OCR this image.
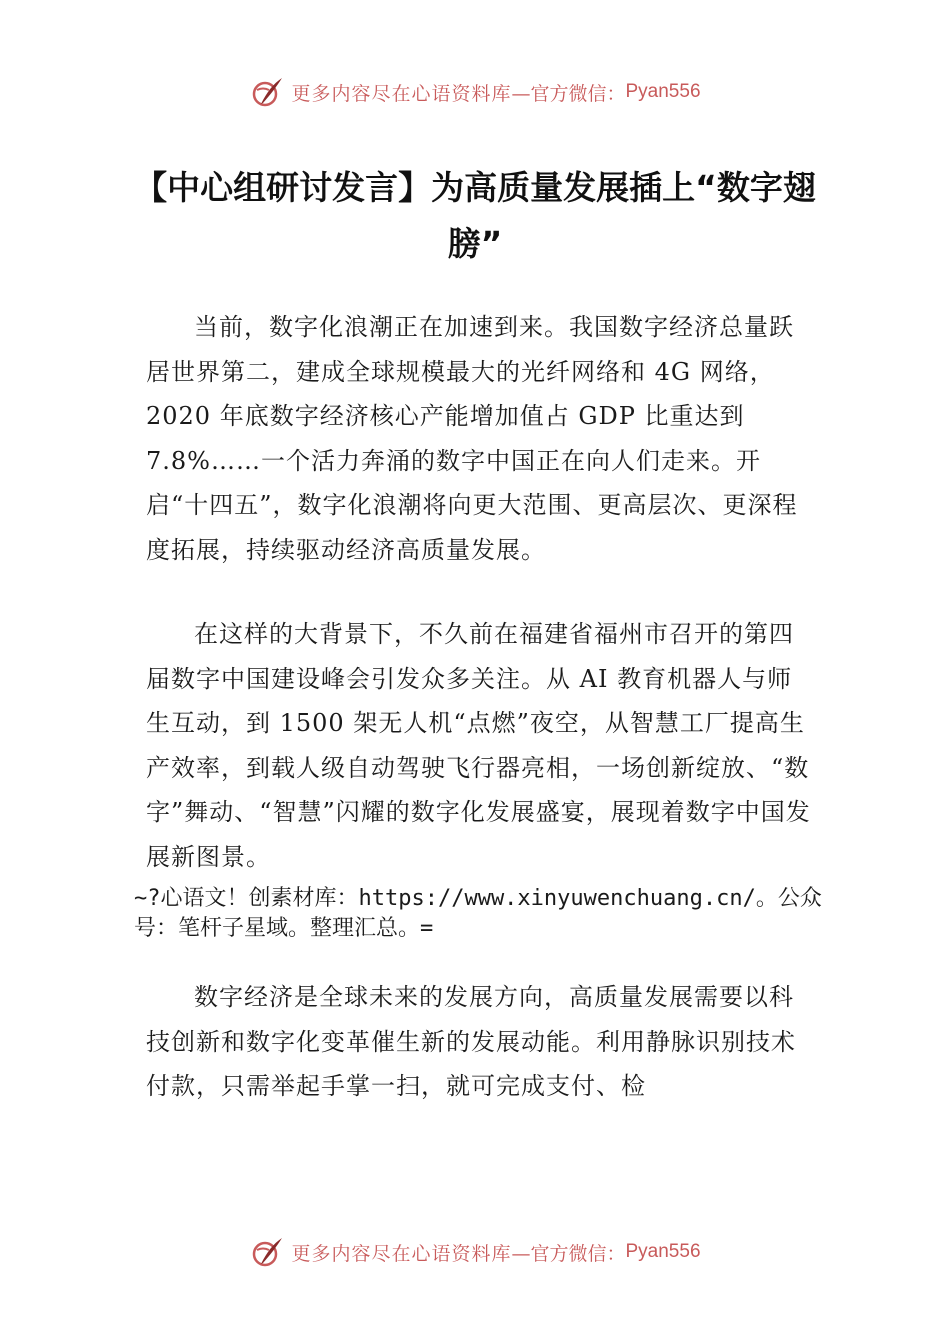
更多内容尽在心语资料库 —官方微信： Pyan556
【中心组研讨发言】为高质量发展插上“数字翅膀”

当前，数字化浪潮正在加速到来。我国数字经济总量跃居世界第二，建成全球规模最大的光纤网络和 4G 网络，2020 年底数字经济核心产能增加值占 GDP 比重达到7.8%……一个活力奔涌的数字中国正在向人们走来。开启“十四五”，数字化浪潮将向更大范围、更高层次、更深程度拓展，持续驱动经济高质量发展。

在这样的大背景下，不久前在福建省福州市召开的第四届数字中国建设峰会引发众多关注。从 AI 教育机器人与师生互动，到 1500 架无人机“点燃”夜空，从智慧工厂提高生产效率，到载人级自动驾驶飞行器亮相，一场创新绽放、“数字”舞动、“智慧”闪耀的数字化发展盛宴，展现着数字中国发展新图景。

~?心语文！创素材库：https://www.xinyuwenchuang.cn/。公众号：笔杆子星域。整理汇总。=

数字经济是全球未来的发展方向，高质量发展需要以科技创新和数字化变革催生新的发展动能。利用静脉识别技术付款，只需举起手掌一扫，就可完成支付、检

更多内容尽在心语资料库 —官方微信： Pyan556
